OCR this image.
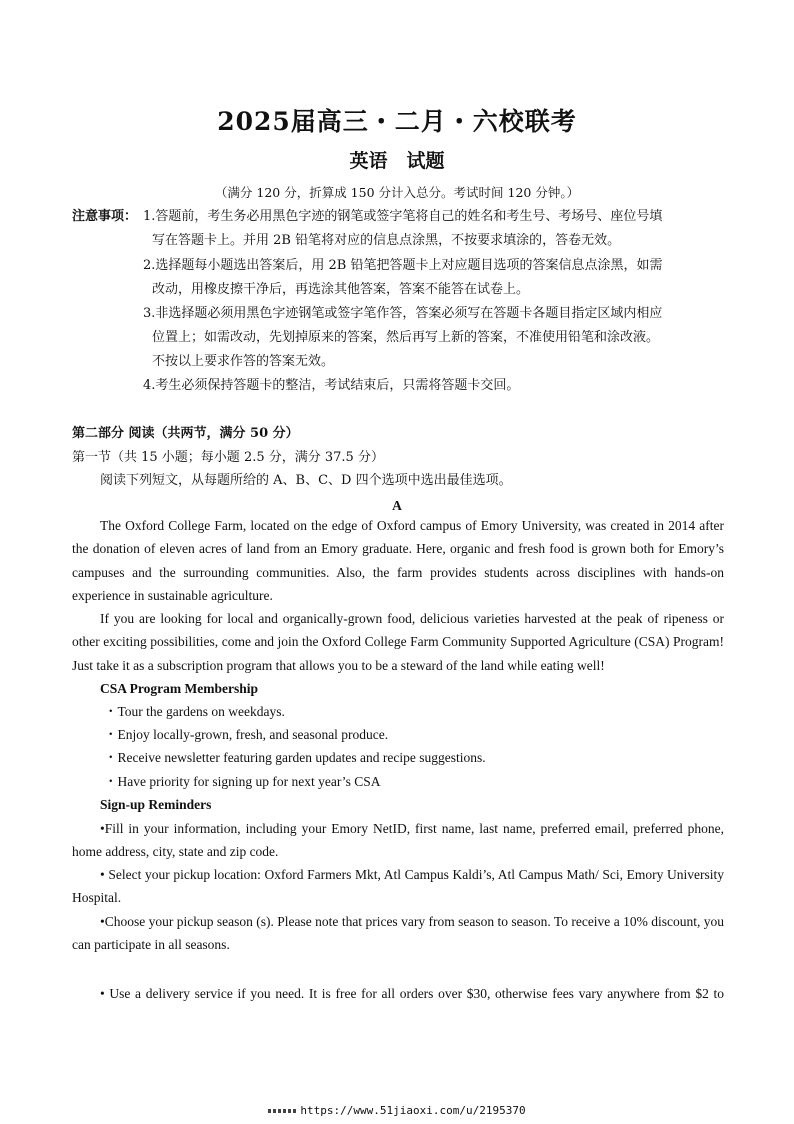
2025届高三・二月・六校联考
英语　试题
（满分 120 分，折算成 150 分计入总分。考试时间 120 分钟。）
注意事项： 1.答题前，考生务必用黑色字迹的钢笔或签字笔将自己的姓名和考生号、考场号、座位号填
写在答题卡上。并用 2B 铅笔将对应的信息点涂黑，不按要求填涂的，答卷无效。
2.选择题每小题选出答案后，用 2B 铅笔把答题卡上对应题目选项的答案信息点涂黑，如需
改动，用橡皮擦干净后，再选涂其他答案，答案不能答在试卷上。
3.非选择题必须用黑色字迹钢笔或签字笔作答，答案必须写在答题卡各题目指定区域内相应
位置上；如需改动，先划掉原来的答案，然后再写上新的答案，不准使用铅笔和涂改液。
不按以上要求作答的答案无效。
4.考生必须保持答题卡的整洁，考试结束后，只需将答题卡交回。
第二部分 阅读（共两节，满分 50 分）
第一节（共 15 小题；每小题 2.5 分，满分 37.5 分）
阅读下列短文，从每题所给的 A、B、C、D 四个选项中选出最佳选项。
A
The Oxford College Farm, located on the edge of Oxford campus of Emory University, was created in 2014 after the donation of eleven acres of land from an Emory graduate. Here, organic and fresh food is grown both for Emory’s campuses and the surrounding communities. Also, the farm provides students across disciplines with hands-on experience in sustainable agriculture.
If you are looking for local and organically-grown food, delicious varieties harvested at the peak of ripeness or other exciting possibilities, come and join the Oxford College Farm Community Supported Agriculture (CSA) Program! Just take it as a subscription program that allows you to be a steward of the land while eating well!
CSA Program Membership
・Tour the gardens on weekdays.
・Enjoy locally-grown, fresh, and seasonal produce.
・Receive newsletter featuring garden updates and recipe suggestions.
・Have priority for signing up for next year’s CSA
Sign-up Reminders
•Fill in your information, including your Emory NetID, first name, last name, preferred email, preferred phone, home address, city, state and zip code.
• Select your pickup location: Oxford Farmers Mkt, Atl Campus Kaldi’s, Atl Campus Math/ Sci, Emory University Hospital.
•Choose your pickup season (s). Please note that prices vary from season to season. To receive a 10% discount, you can participate in all seasons.
• Use a delivery service if you need. It is free for all orders over $30, otherwise fees vary anywhere from $2 to
https://www.51jiaoxi.com/u/2195370
